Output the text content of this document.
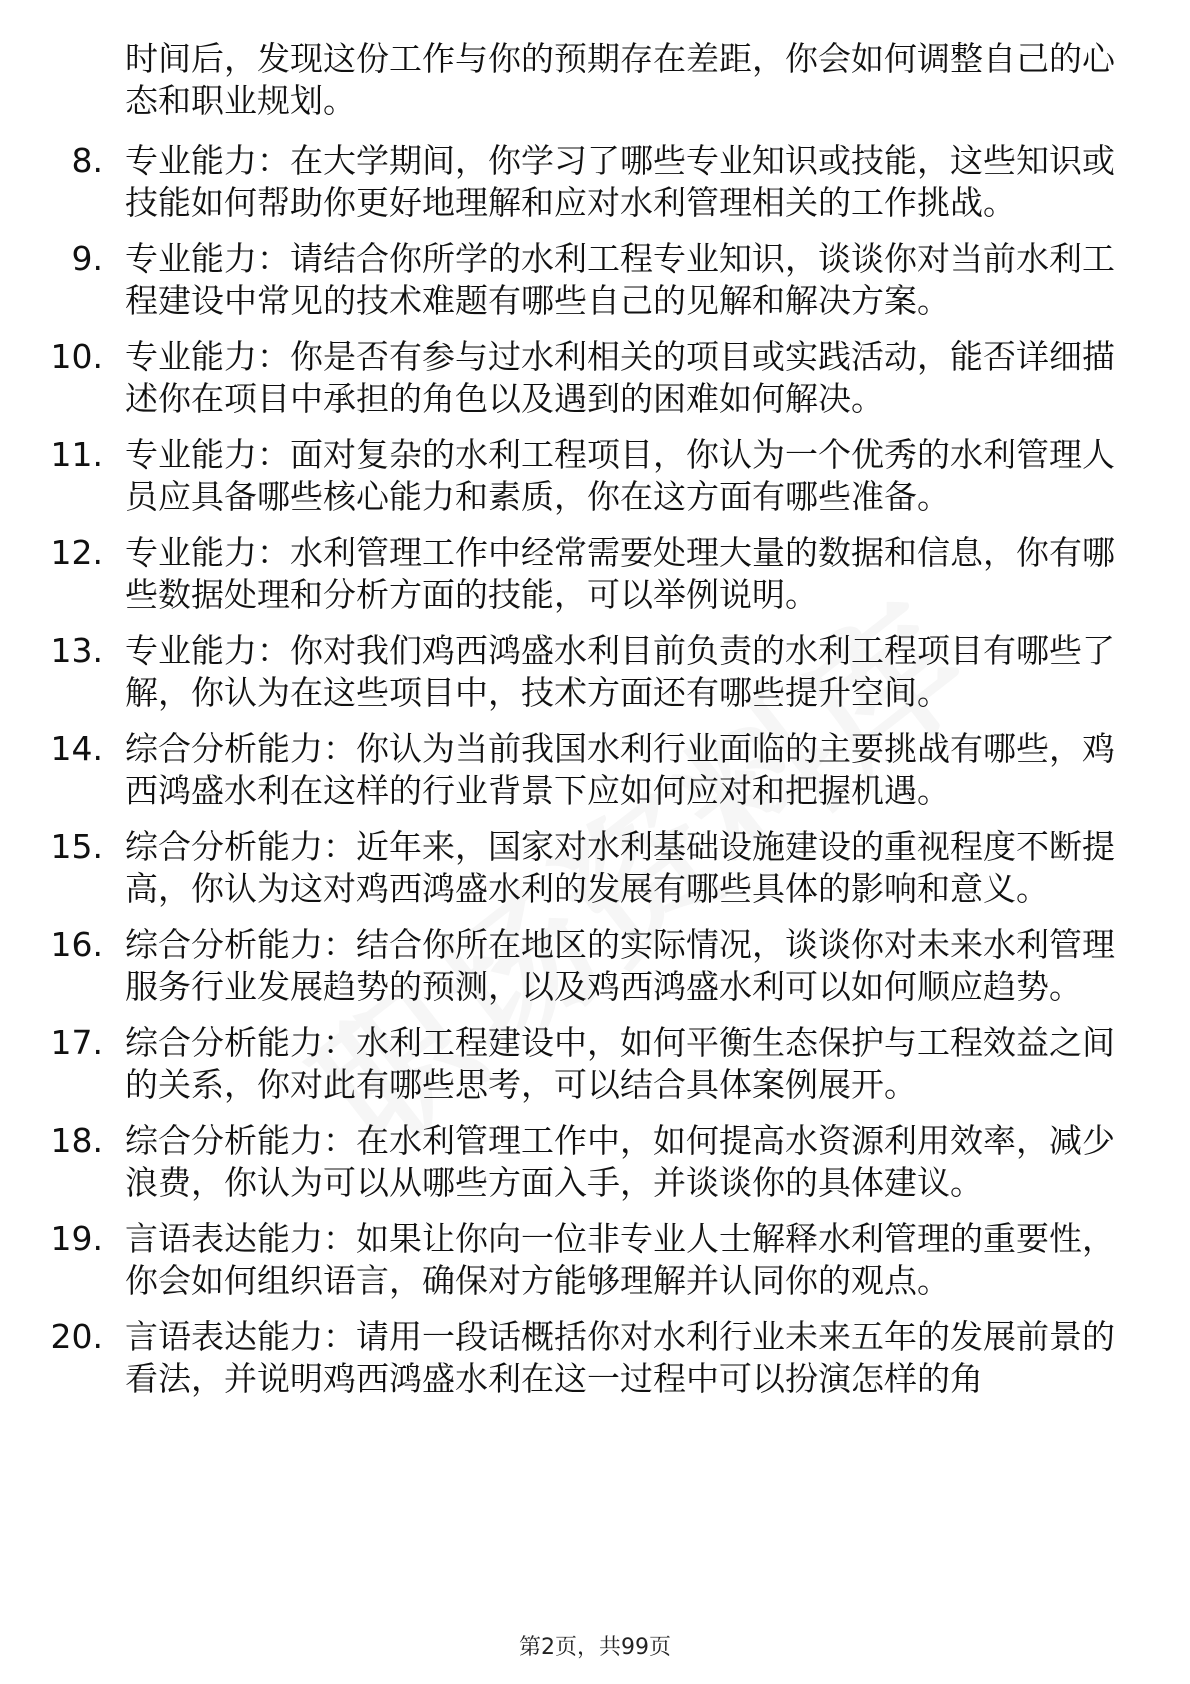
时间后，发现这份工作与你的预期存在差距，你会如何调整自己的心态和职业规划。
8. 专业能力：在大学期间，你学习了哪些专业知识或技能，这些知识或技能如何帮助你更好地理解和应对水利管理相关的工作挑战。
9. 专业能力：请结合你所学的水利工程专业知识，谈谈你对当前水利工程建设中常见的技术难题有哪些自己的见解和解决方案。
10. 专业能力：你是否有参与过水利相关的项目或实践活动，能否详细描述你在项目中承担的角色以及遇到的困难如何解决。
11. 专业能力：面对复杂的水利工程项目，你认为一个优秀的水利管理人员应具备哪些核心能力和素质，你在这方面有哪些准备。
12. 专业能力：水利管理工作中经常需要处理大量的数据和信息，你有哪些数据处理和分析方面的技能，可以举例说明。
13. 专业能力：你对我们鸡西鸿盛水利目前负责的水利工程项目有哪些了解，你认为在这些项目中，技术方面还有哪些提升空间。
14. 综合分析能力：你认为当前我国水利行业面临的主要挑战有哪些，鸡西鸿盛水利在这样的行业背景下应如何应对和把握机遇。
15. 综合分析能力：近年来，国家对水利基础设施建设的重视程度不断提高，你认为这对鸡西鸿盛水利的发展有哪些具体的影响和意义。
16. 综合分析能力：结合你所在地区的实际情况，谈谈你对未来水利管理服务行业发展趋势的预测，以及鸡西鸿盛水利可以如何顺应趋势。
17. 综合分析能力：水利工程建设中，如何平衡生态保护与工程效益之间的关系，你对此有哪些思考，可以结合具体案例展开。
18. 综合分析能力：在水利管理工作中，如何提高水资源利用效率，减少浪费，你认为可以从哪些方面入手，并谈谈你的具体建议。
19. 言语表达能力：如果让你向一位非专业人士解释水利管理的重要性，你会如何组织语言，确保对方能够理解并认同你的观点。
20. 言语表达能力：请用一段话概括你对水利行业未来五年的发展前景的看法，并说明鸡西鸿盛水利在这一过程中可以扮演怎样的角
第2页，共99页
